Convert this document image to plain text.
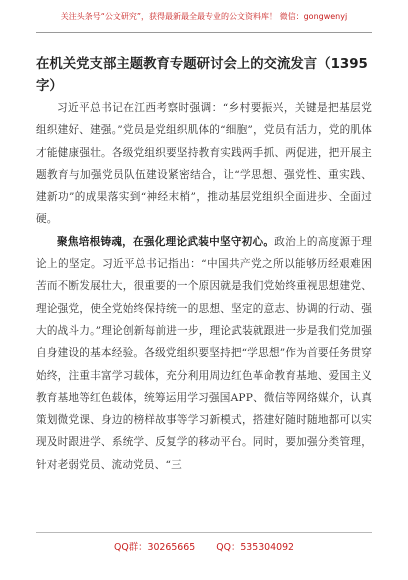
关注头条号“公文研究”，获得最新最全最专业的公文资料库！ 微信：gongwenyj
在机关党支部主题教育专题研讨会上的交流发言（1395字）

习近平总书记在江西考察时强调：“乡村要振兴，关键是把基层党组织建好、建强。”党员是党组织肌体的“细胞”，党员有活力，党的肌体才能健康强壮。各级党组织要坚持教育实践两手抓、两促进，把开展主题教育与加强党员队伍建设紧密结合，让“学思想、强党性、重实践、建新功”的成果落实到“神经末梢”，推动基层党组织全面进步、全面过硬。

聚焦培根铸魂，在强化理论武装中坚守初心。政治上的高度源于理论上的坚定。习近平总书记指出：“中国共产党之所以能够历经艰难困苦而不断发展壮大，很重要的一个原因就是我们党始终重视思想建党、理论强党，使全党始终保持统一的思想、坚定的意志、协调的行动、强大的战斗力。”理论创新每前进一步，理论武装就跟进一步是我们党加强自身建设的基本经验。各级党组织要坚持把“学思想”作为首要任务贯穿始终，注重丰富学习载体，充分利用周边红色革命教育基地、爱国主义教育基地等红色载体，统筹运用学习强国APP、微信等网络媒介，认真策划微党课、身边的榜样故事等学习新模式，搭建好随时随地都可以实现及时跟进学、系统学、反复学的移动平台。同时，要加强分类管理，针对老弱党员、流动党员、“三

QQ群：30265665 QQ：535304092
